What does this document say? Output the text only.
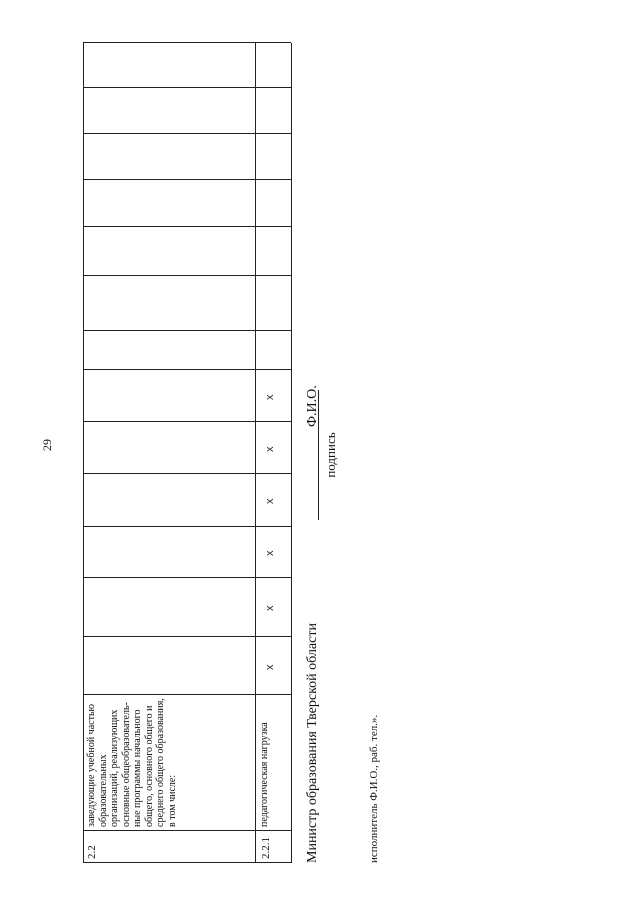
29
2.2
заведующие учебной частью образовательных организаций, реализующих основные общеобразователь-ные программы начального общего, основного общего и среднего общего образования, в том числе:
2.2.1
педагогическая нагрузка
x
x
x
x
x
x
Министр образования Тверской области
подпись
Ф.И.О.
исполнитель Ф.И.О., раб. тел.».
